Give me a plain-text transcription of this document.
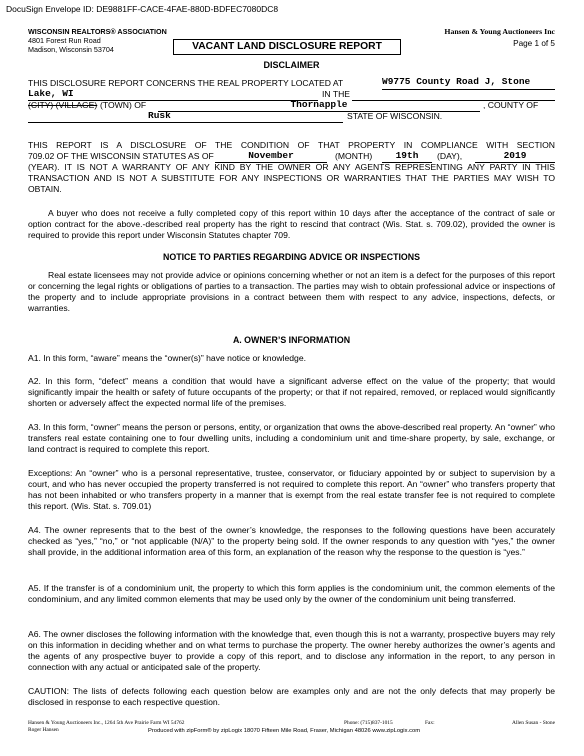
DocuSign Envelope ID: DE9881FF-CACE-4FAE-880D-BDFEC7080DC8
WISCONSIN REALTORS® ASSOCIATION
4801 Forest Run Road
Madison, Wisconsin 53704	VACANT LAND DISCLOSURE REPORT
Hansen & Young Auctioneers Inc
Page 1 of 5
DISCLAIMER
THIS DISCLOSURE REPORT CONCERNS THE REAL PROPERTY LOCATED AT	W9775 County Road J, Stone
Lake, WI	IN THE
(CITY) (VILLAGE) (TOWN) OF	Thornapple	, COUNTY OF
Rusk	STATE OF WISCONSIN.
THIS REPORT IS A DISCLOSURE OF THE CONDITION OF THAT PROPERTY IN COMPLIANCE WITH SECTION
709.02 OF THE WISCONSIN STATUTES AS OF	November	(MONTH)	19th	(DAY),	2019
(YEAR). IT IS NOT A WARRANTY OF ANY KIND BY THE OWNER OR ANY AGENTS REPRESENTING ANY PARTY IN THIS TRANSACTION AND IS NOT A SUBSTITUTE FOR ANY INSPECTIONS OR WARRANTIES THAT THE PARTIES MAY WISH TO OBTAIN.
A buyer who does not receive a fully completed copy of this report within 10 days after the acceptance of the contract of sale or option contract for the above.-described real property has the right to rescind that contract (Wis. Stat. s. 709.02), provided the owner is required to provide this report under Wisconsin Statutes chapter 709.
NOTICE TO PARTIES REGARDING ADVICE OR INSPECTIONS
Real estate licensees may not provide advice or opinions concerning whether or not an item is a defect for the purposes of this report or concerning the legal rights or obligations of parties to a transaction. The parties may wish to obtain professional advice or inspections of the property and to include appropriate provisions in a contract between them with respect to any advice, inspections, defects, or warranties.
A. OWNER’S INFORMATION
A1. In this form, “aware” means the “owner(s)” have notice or knowledge.
A2. In this form, “defect” means a condition that would have a significant adverse effect on the value of the property; that would significantly impair the health or safety of future occupants of the property; or that if not repaired, removed, or replaced would significantly shorten or adversely affect the expected normal life of the premises.
A3. In this form, “owner” means the person or persons, entity, or organization that owns the above-described real property. An “owner” who transfers real estate containing one to four dwelling units, including a condominium unit and time-share property, by sale, exchange, or land contract is required to complete this report.
Exceptions: An “owner” who is a personal representative, trustee, conservator, or fiduciary appointed by or subject to supervision by a court, and who has never occupied the property transferred is not required to complete this report. An “owner” who transfers property that has not been inhabited or who transfers property in a manner that is exempt from the real estate transfer fee is not required to complete this report. (Wis. Stat. s. 709.01)
A4. The owner represents that to the best of the owner’s knowledge, the responses to the following questions have been accurately checked as “yes,” “no,” or “not applicable (N/A)” to the property being sold. If the owner responds to any question with “yes,” the owner shall provide, in the additional information area of this form, an explanation of the reason why the response to the question is “yes.”
A5. If the transfer is of a condominium unit, the property to which this form applies is the condominium unit, the common elements of the condominium, and any limited common elements that may be used only by the owner of the condominium unit being transferred.
A6. The owner discloses the following information with the knowledge that, even though this is not a warranty, prospective buyers may rely on this information in deciding whether and on what terms to purchase the property. The owner hereby authorizes the owner’s agents and the agents of any prospective buyer to provide a copy of this report, and to disclose any information in the report, to any person in connection with any actual or anticipated sale of the property.
CAUTION: The lists of defects following each question below are examples only and are not the only defects that may properly be disclosed in response to each respective question.
Hansen & Young Auctioneers Inc., 1264 5th Ave Prairie Farm WI 54762
Roger Hansen
Phone: (715)837-1015	Fax:	Allen Susan - Stone
Produced with zipForm® by zipLogix 18070 Fifteen Mile Road, Fraser, Michigan 48026 www.zipLogix.com
